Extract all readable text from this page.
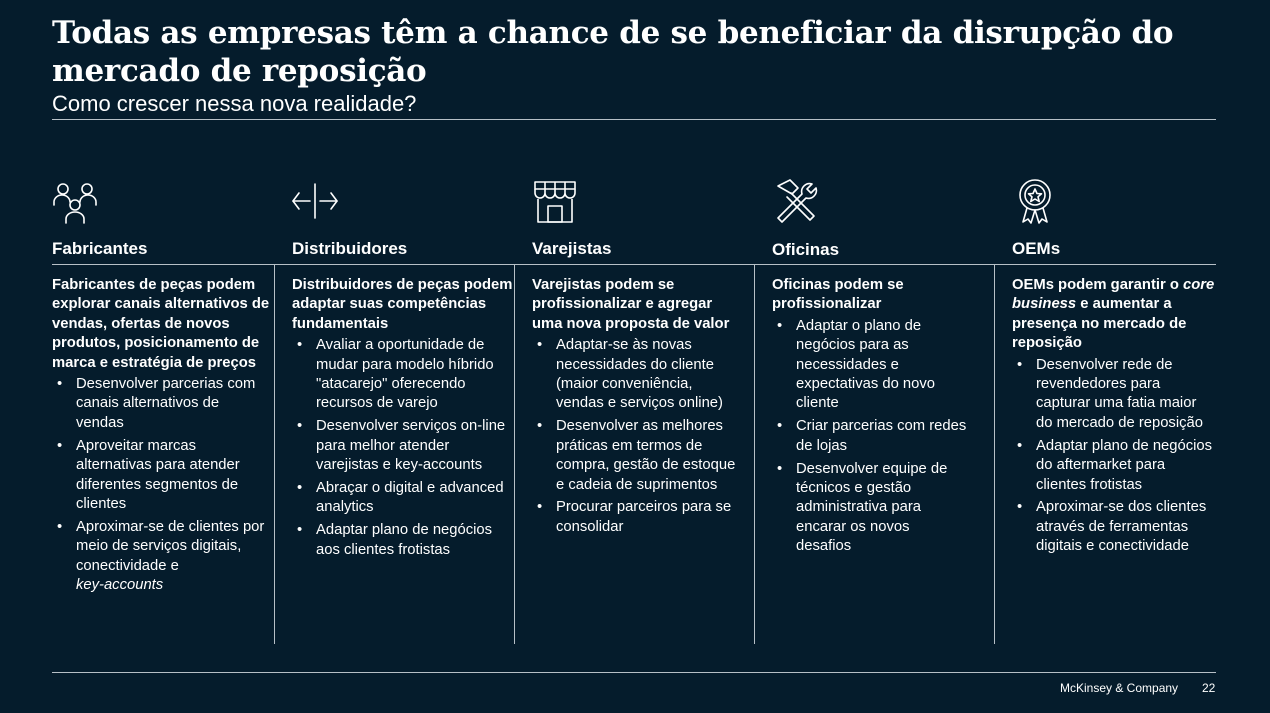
Todas as empresas têm a chance de se beneficiar da disrupção do mercado de reposição
Como crescer nessa nova realidade?
Fabricantes	Distribuidores	Varejistas	Oficinas	OEMs
Fabricantes de peças podem explorar canais alternativos de vendas, ofertas de novos produtos, posicionamento de marca e estratégia de preços
• Desenvolver parcerias com canais alternativos de vendas
• Aproveitar marcas alternativas para atender diferentes segmentos de clientes
• Aproximar-se de clientes por meio de serviços digitais, conectividade e
key-accounts
Distribuidores de peças podem adaptar suas competências fundamentais
• Avaliar a oportunidade de mudar para modelo híbrido "atacarejo" oferecendo recursos de varejo
• Desenvolver serviços on-line para melhor atender varejistas e key-accounts
• Abraçar o digital e advanced analytics
• Adaptar plano de negócios aos clientes frotistas
Varejistas podem se profissionalizar e agregar uma nova proposta de valor
• Adaptar-se às novas necessidades do cliente (maior conveniência, vendas e serviços online)
• Desenvolver as melhores práticas em termos de compra, gestão de estoque e cadeia de suprimentos
• Procurar parceiros para se consolidar
Oficinas podem se profissionalizar
• Adaptar o plano de negócios para as necessidades e expectativas do novo cliente
• Criar parcerias com redes de lojas
• Desenvolver equipe de técnicos e gestão administrativa para encarar os novos desafios
OEMs podem garantir o core business e aumentar a presença no mercado de reposição
• Desenvolver rede de revendedores para capturar uma fatia maior do mercado de reposição
• Adaptar plano de negócios do aftermarket para clientes frotistas
• Aproximar-se dos clientes através de ferramentas digitais e conectividade
McKinsey & Company 22
